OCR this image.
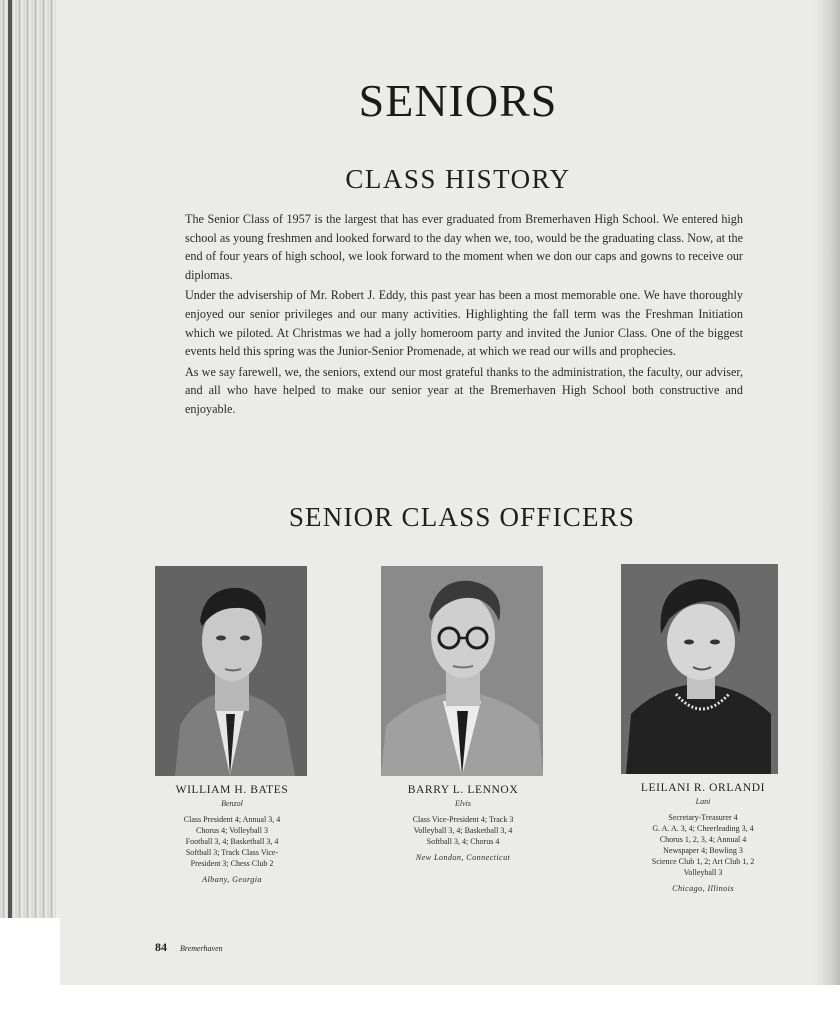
SENIORS
CLASS HISTORY

The Senior Class of 1957 is the largest that has ever graduated from Bremerhaven High School. We entered high school as young freshmen and looked forward to the day when we, too, would be the graduating class. Now, at the end of four years of high school, we look forward to the moment when we don our caps and gowns to receive our diplomas.

Under the advisership of Mr. Robert J. Eddy, this past year has been a most memorable one. We have thoroughly enjoyed our senior privileges and our many activities. Highlighting the fall term was the Freshman Initiation which we piloted. At Christmas we had a jolly homeroom party and invited the Junior Class. One of the biggest events held this spring was the Junior-Senior Promenade, at which we read our wills and prophecies.

As we say farewell, we, the seniors, extend our most grateful thanks to the administration, the faculty, our adviser, and all who have helped to make our senior year at the Bremerhaven High School both constructive and enjoyable.

SENIOR CLASS OFFICERS
WILLIAM H. BATES
Benzol
Class President 4; Annual 3, 4
Chorus 4; Volleyball 3
Football 3, 4; Basketball 3, 4
Softball 3; Track Class Vice-
President 3; Chess Club 2
Albany, Georgia
BARRY L. LENNOX
Elvis
Class Vice-President 4; Track 3
Volleyball 3, 4; Basketball 3, 4
Softball 3, 4; Chorus 4
New London, Connecticut
LEILANI R. ORLANDI
Lani
Secretary-Treasurer 4
G. A. A. 3, 4; Cheerleading 3, 4
Chorus 1, 2, 3, 4; Annual 4
Newspaper 4; Bowling 3
Science Club 1, 2; Art Club 1, 2
Volleyball 3
Chicago, Illinois
84 Bremerhaven
